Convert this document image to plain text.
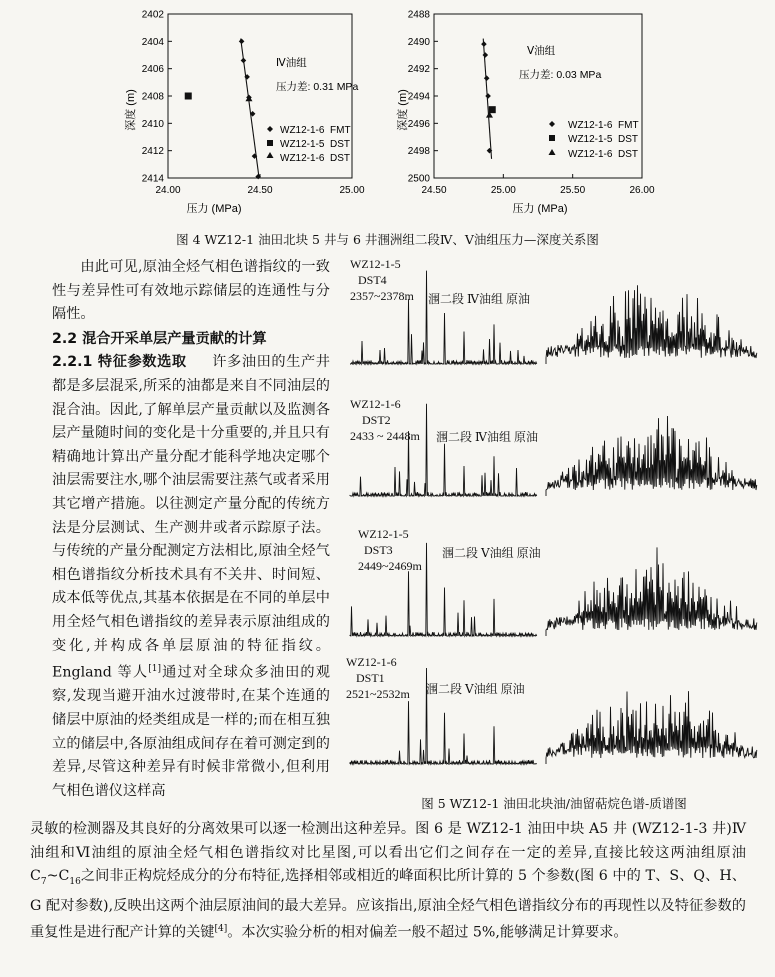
深度 (m)
压力 (MPa)
Ⅳ油组
压力差: 0.31 MPa
WZ12-1-6  FMT
WZ12-1-5  DST
WZ12-1-6  DST
2402
2404
2406
2408
2410
2412
2414
24.00	24.50	25.00
深度 (m)
压力 (MPa)
Ⅴ油组
压力差: 0.03 MPa
WZ12-1-6  FMT
WZ12-1-5  DST
WZ12-1-6  DST
2488
2490
2492
2494
2496
2498
2500
24.50	25.00	25.50	26.00
图 4 WZ12-1 油田北块 5 井与 6 井涠洲组二段Ⅳ、Ⅴ油组压力—深度关系图

由此可见,原油全烃气相色谱指纹的一致性与差异性可有效地示踪储层的连通性与分隔性。

2.2 混合开采单层产量贡献的计算

2.2.1 特征参数选取 许多油田的生产井都是多层混采,所采的油都是来自不同油层的混合油。因此,了解单层产量贡献以及监测各层产量随时间的变化是十分重要的,并且只有精确地计算出产量分配才能科学地决定哪个油层需要注水,哪个油层需要注蒸气或者采用其它增产措施。以往测定产量分配的传统方法是分层测试、生产测井或者示踪原子法。与传统的产量分配测定方法相比,原油全烃气相色谱指纹分析技术具有不关井、时间短、成本低等优点,其基本依据是在不同的单层中用全烃气相色谱指纹的差异表示原油组成的变化,并构成各单层原油的特征指纹。England 等人[1]通过对全球众多油田的观察,发现当避开油水过渡带时,在某个连通的储层中原油的烃类组成是一样的;而在相互独立的储层中,各原油组成间存在着可测定到的差异,尽管这种差异有时候非常微小,但利用气相色谱仪这样高

WZ12-1-5
DST4
2357~2378m 涠二段 Ⅳ油组 原油
WZ12-1-6
DST2
2433 ~ 2448m 涠二段 Ⅳ油组 原油
WZ12-1-5
DST3
2449~2469m
涠二段 Ⅴ油组 原油
WZ12-1-6
DST1
2521~2532m 涠二段 Ⅴ油组 原油
图 5 WZ12-1 油田北块油/油留萜烷色谱-质谱图

灵敏的检测器及其良好的分离效果可以逐一检测出这种差异。图 6 是 WZ12-1 油田中块 A5 井 (WZ12-1-3 井)Ⅳ油组和Ⅵ油组的原油全烃气相色谱指纹对比星图,可以看出它们之间存在一定的差异,直接比较这两油组原油 $C_7\sim C_{16}$之间非正构烷烃成分的分布特征,选择相邻或相近的峰面积比所计算的 5 个参数(图 6 中的 T、S、Q、H、G 配对参数),反映出这两个油层原油间的最大差异。应该指出,原油全烃气相色谱指纹分布的再现性以及特征参数的重复性是进行配产计算的关键[4]。本次实验分析的相对偏差一般不超过 5%,能够满足计算要求。
